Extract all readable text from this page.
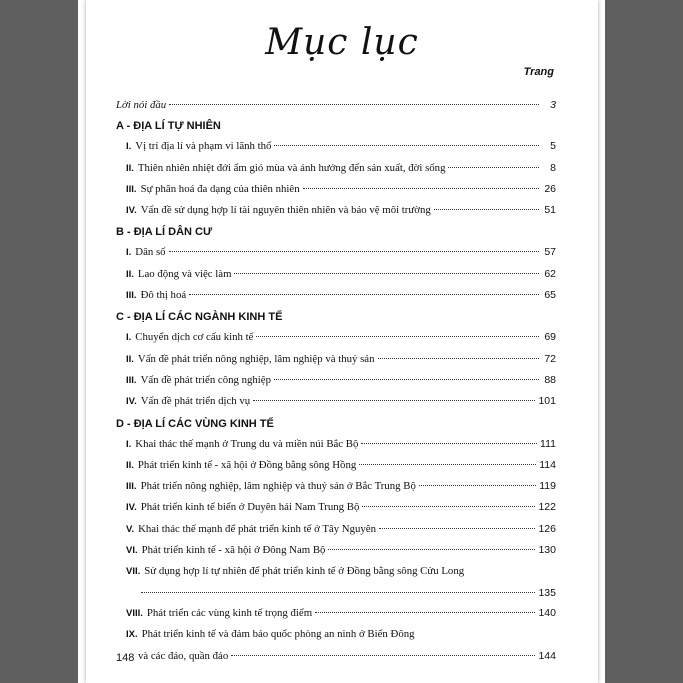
Mục lục
Trang
Lời nói đầu	3
A - ĐỊA LÍ TỰ NHIÊN
I. Vị trí địa lí và phạm vi lãnh thổ	5
II. Thiên nhiên nhiệt đới ẩm gió mùa và ảnh hưởng đến sản xuất, đời sống	8
III. Sự phân hoá đa dạng của thiên nhiên	26
IV. Vấn đề sử dụng hợp lí tài nguyên thiên nhiên và bảo vệ môi trường	51
B - ĐỊA LÍ DÂN CƯ
I. Dân số	57
II. Lao động và việc làm	62
III. Đô thị hoá	65
C - ĐỊA LÍ CÁC NGÀNH KINH TẾ
I. Chuyển dịch cơ cấu kinh tế	69
II. Vấn đề phát triển nông nghiệp, lâm nghiệp và thuỷ sản	72
III. Vấn đề phát triển công nghiệp	88
IV. Vấn đề phát triển dịch vụ	101
D - ĐỊA LÍ CÁC VÙNG KINH TẾ
I. Khai thác thế mạnh ở Trung du và miền núi Bắc Bộ	111
II. Phát triển kinh tế - xã hội ở Đồng bằng sông Hồng	114
III. Phát triển nông nghiệp, lâm nghiệp và thuỷ sản ở Bắc Trung Bộ	119
IV. Phát triển kinh tế biển ở Duyên hải Nam Trung Bộ	122
V. Khai thác thế mạnh để phát triển kinh tế ở Tây Nguyên	126
VI. Phát triển kinh tế - xã hội ở Đông Nam Bộ	130
VII. Sử dụng hợp lí tự nhiên để phát triển kinh tế ở Đồng bằng sông Cửu Long
135
VIII. Phát triển các vùng kinh tế trọng điểm	140
IX. Phát triển kinh tế và đảm bảo quốc phòng an ninh ở Biển Đông
và các đảo, quần đảo	144
148
